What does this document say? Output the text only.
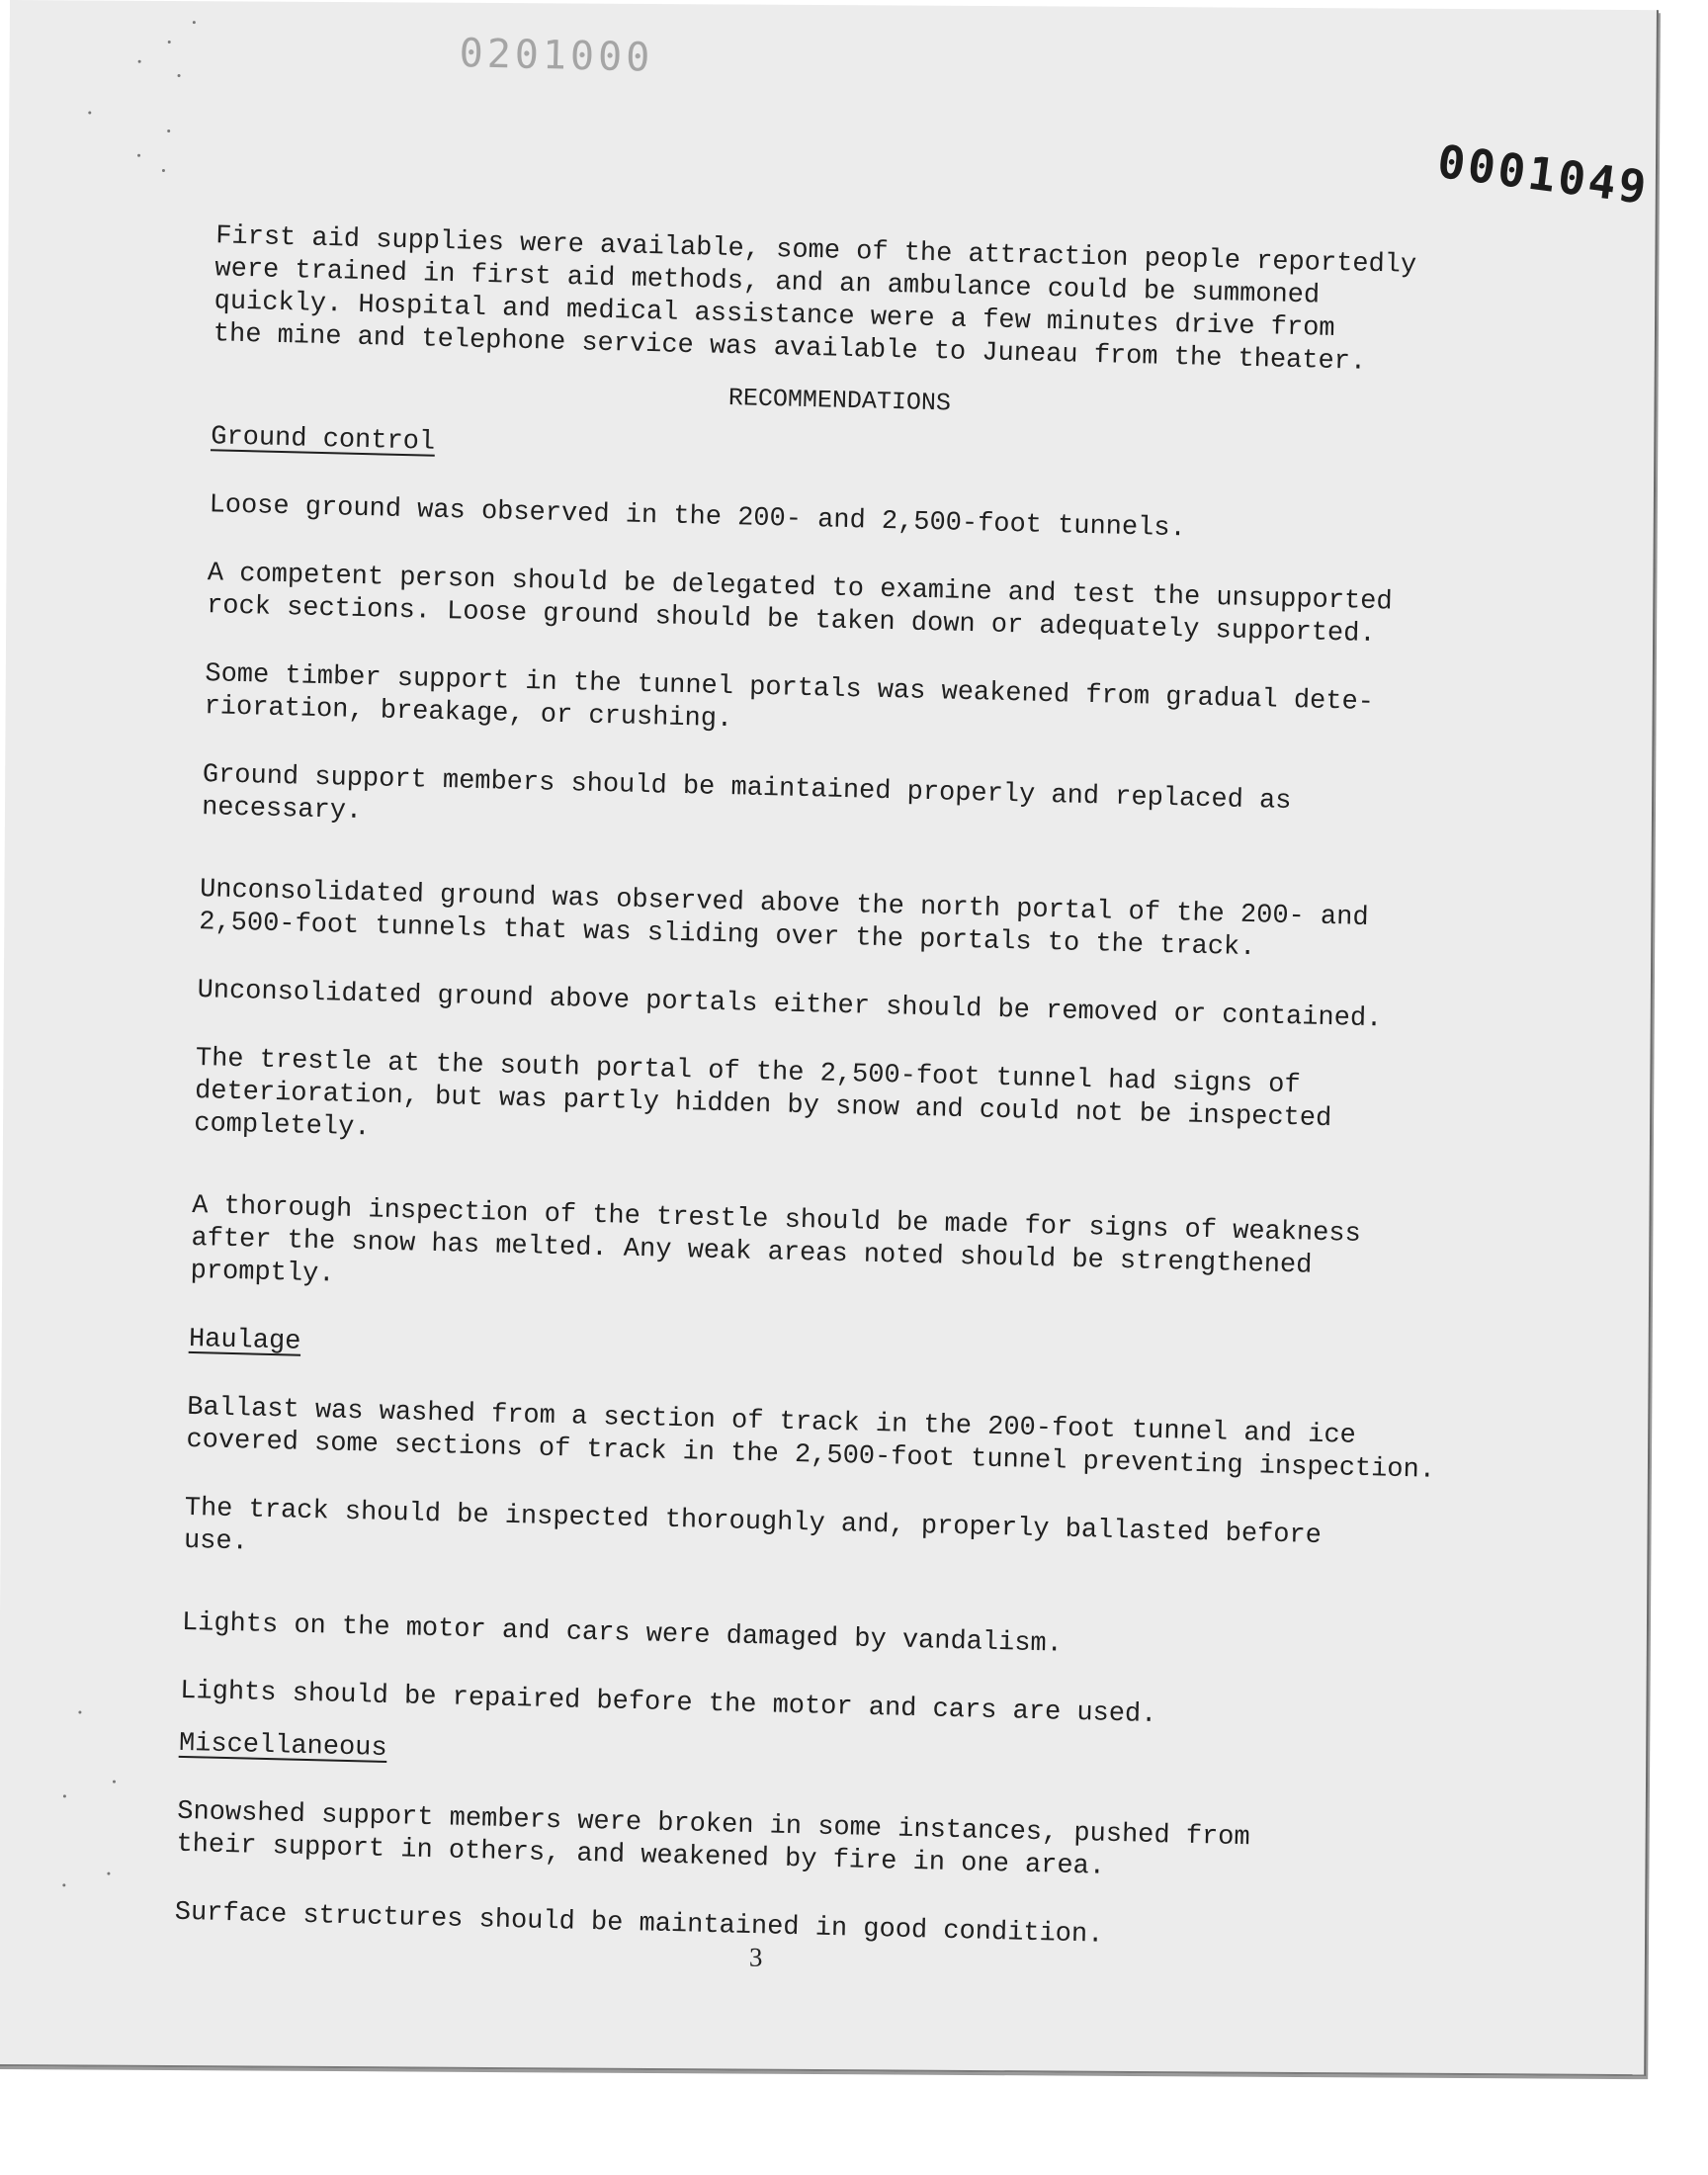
0201000
0001049

First aid supplies were available, some of the attraction people reportedly
were trained in first aid methods, and an ambulance could be summoned
quickly. Hospital and medical assistance were a few minutes drive from
the mine and telephone service was available to Juneau from the theater.

RECOMMENDATIONS

Ground control

Loose ground was observed in the 200- and 2,500-foot tunnels.

A competent person should be delegated to examine and test the unsupported
rock sections. Loose ground should be taken down or adequately supported.

Some timber support in the tunnel portals was weakened from gradual dete-
rioration, breakage, or crushing.

Ground support members should be maintained properly and replaced as
necessary.

Unconsolidated ground was observed above the north portal of the 200- and
2,500-foot tunnels that was sliding over the portals to the track.

Unconsolidated ground above portals either should be removed or contained.

The trestle at the south portal of the 2,500-foot tunnel had signs of
deterioration, but was partly hidden by snow and could not be inspected
completely.

A thorough inspection of the trestle should be made for signs of weakness
after the snow has melted. Any weak areas noted should be strengthened
promptly.

Haulage

Ballast was washed from a section of track in the 200-foot tunnel and ice
covered some sections of track in the 2,500-foot tunnel preventing inspection.

The track should be inspected thoroughly and, properly ballasted before
use.

Lights on the motor and cars were damaged by vandalism.

Lights should be repaired before the motor and cars are used.

Miscellaneous

Snowshed support members were broken in some instances, pushed from
their support in others, and weakened by fire in one area.

Surface structures should be maintained in good condition.

3
